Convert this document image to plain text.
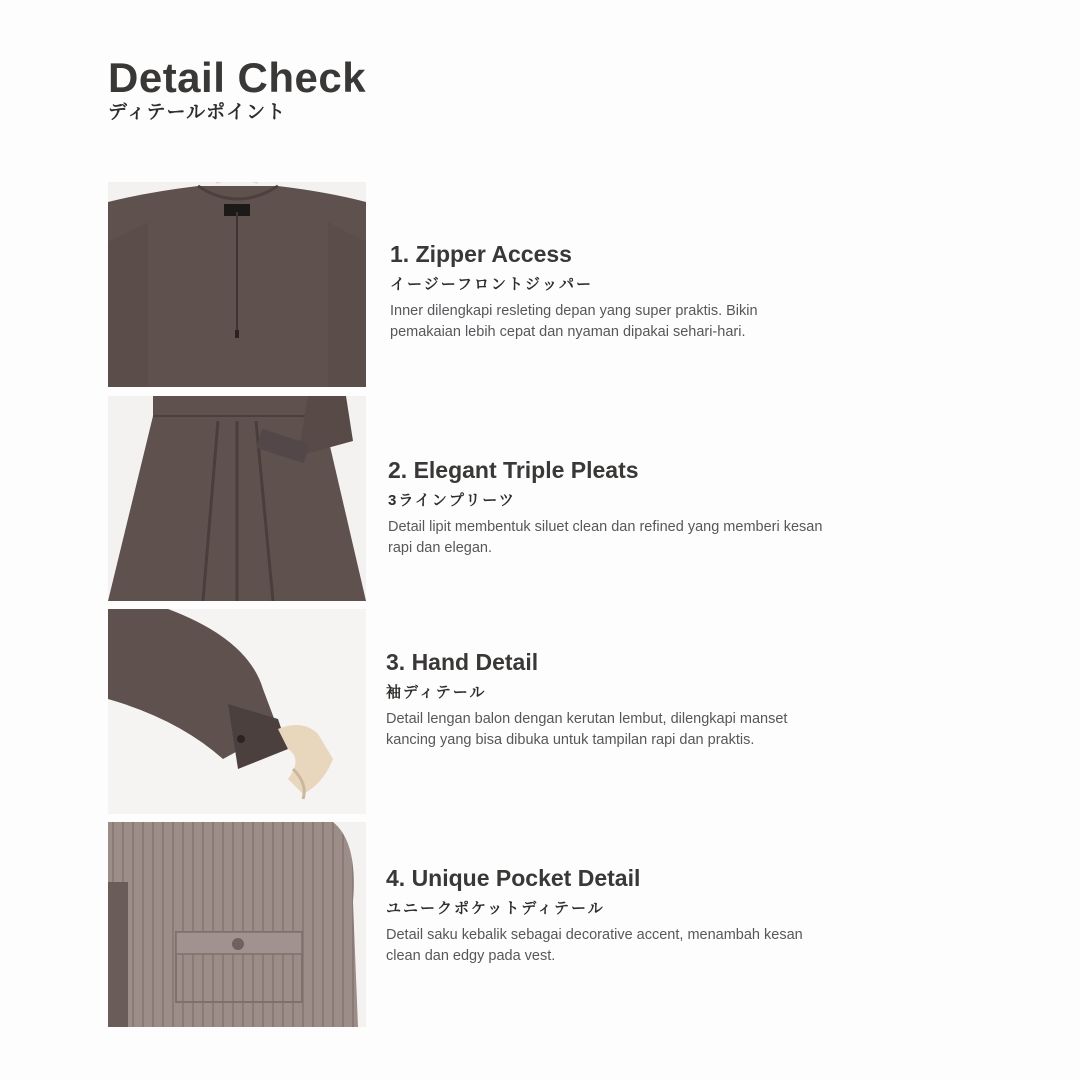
Detail Check
ディテールポイント
1. Zipper Access
イージーフロントジッパー
Inner dilengkapi resleting depan yang super praktis. Bikin pemakaian lebih cepat dan nyaman dipakai sehari-hari.
2. Elegant Triple Pleats
3ラインプリーツ
Detail lipit membentuk siluet clean dan refined yang memberi kesan rapi dan elegan.
3. Hand Detail
袖ディテール
Detail lengan balon dengan kerutan lembut, dilengkapi manset kancing yang bisa dibuka untuk tampilan rapi dan praktis.
4. Unique Pocket Detail
ユニークポケットディテール
Detail saku kebalik sebagai decorative accent, menambah kesan clean dan edgy pada vest.
